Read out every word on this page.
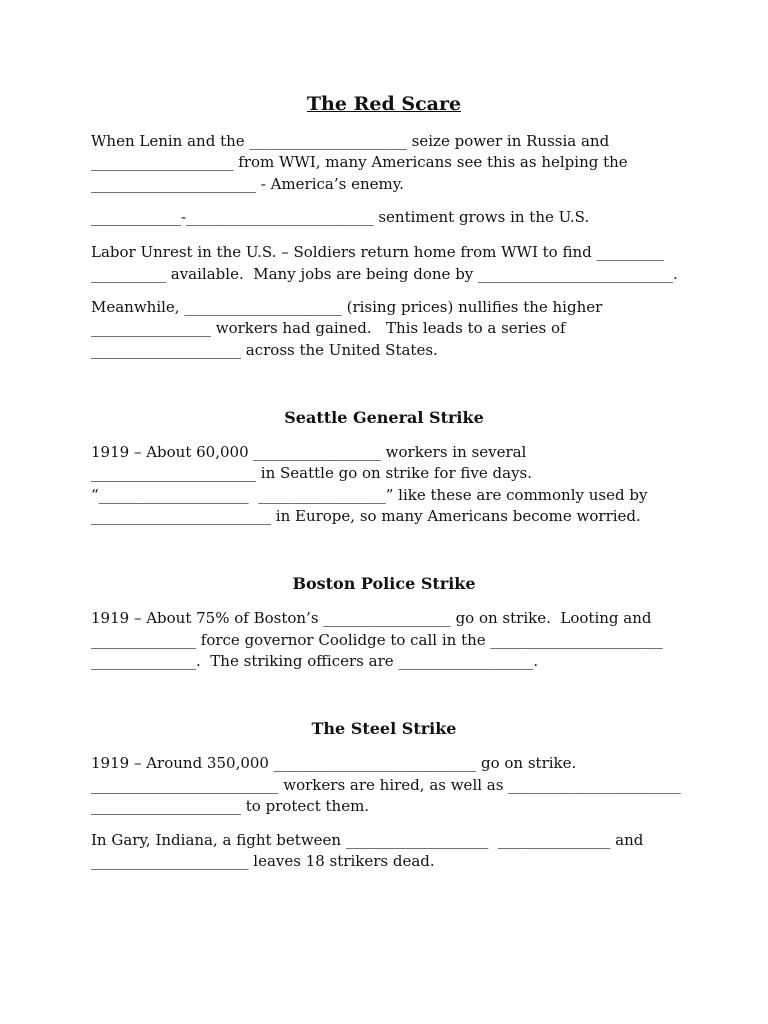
The Red Scare
When Lenin and the _____________________ seize power in Russia and
___________________ from WWI, many Americans see this as helping the
______________________ - America’s enemy.
____________-_________________________ sentiment grows in the U.S.
Labor Unrest in the U.S. – Soldiers return home from WWI to find _________
__________ available.  Many jobs are being done by __________________________.
Meanwhile, _____________________ (rising prices) nullifies the higher
________________ workers had gained.   This leads to a series of
____________________ across the United States.
Seattle General Strike
1919 – About 60,000 _________________ workers in several
______________________ in Seattle go on strike for five days.
“____________________  _________________” like these are commonly used by
________________________ in Europe, so many Americans become worried.
Boston Police Strike
1919 – About 75% of Boston’s _________________ go on strike.  Looting and
______________ force governor Coolidge to call in the _______________________
______________.  The striking officers are __________________.
The Steel Strike
1919 – Around 350,000 ___________________________ go on strike.
_________________________ workers are hired, as well as _______________________
____________________ to protect them.
In Gary, Indiana, a fight between ___________________  _______________ and
_____________________ leaves 18 strikers dead.
